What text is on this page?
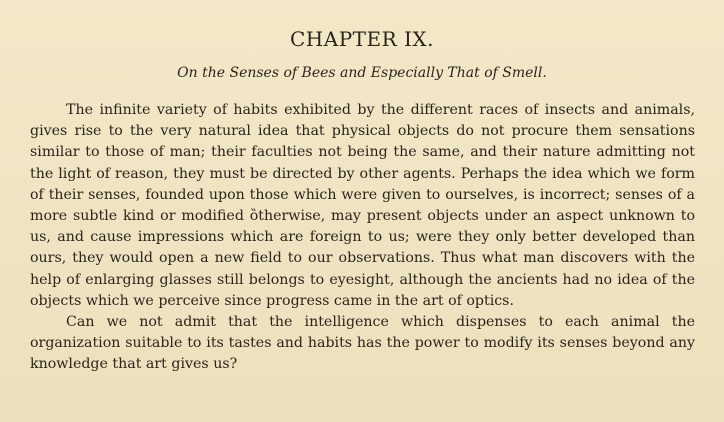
CHAPTER IX.
On the Senses of Bees and Especially That of Smell.

The infinite variety of habits exhibited by the different races of insects and animals, gives rise to the very natural idea that physical objects do not procure them sensations similar to those of man; their faculties not being the same, and their nature admitting not the light of reason, they must be directed by other agents. Perhaps the idea which we form of their senses, founded upon those which were given to ourselves, is incorrect; senses of a more subtle kind or modified ȍtherwise, may present objects under an aspect unknown to us, and cause impressions which are foreign to us; were they only better developed than ours, they would open a new field to our observations. Thus what man discovers with the help of enlarging glasses still belongs to eyesight, although the ancients had no idea of the objects which we perceive since progress came in the art of optics.

Can we not admit that the intelligence which dispenses to each animal the organization suitable to its tastes and habits has the power to modify its senses beyond any knowledge that art gives us?
